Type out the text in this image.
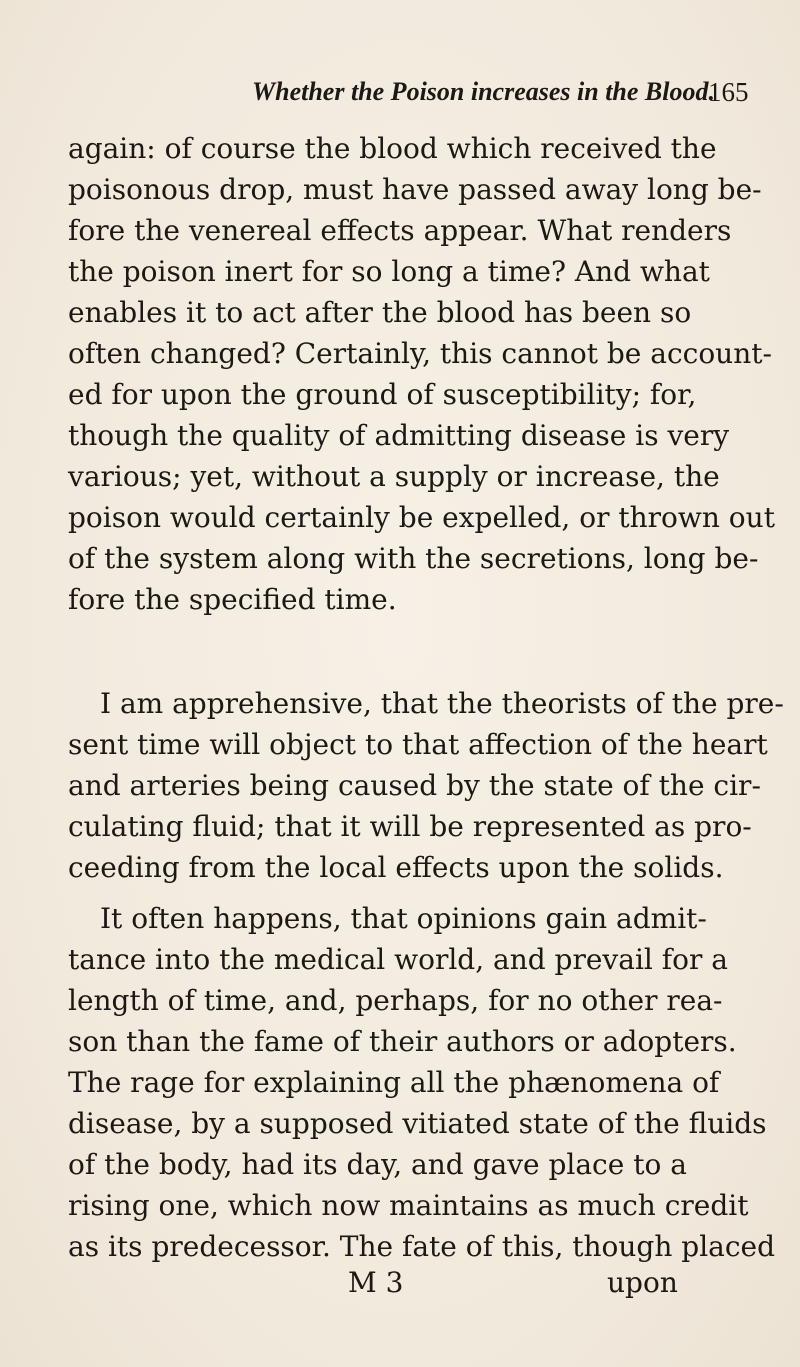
Whether the Poison increases in the Blood.
165
again: of course the blood which received the
poisonous drop, must have passed away long be-
fore the venereal effects appear. What renders
the poison inert for so long a time? And what
enables it to act after the blood has been so
often changed? Certainly, this cannot be account-
ed for upon the ground of susceptibility; for,
though the quality of admitting disease is very
various; yet, without a supply or increase, the
poison would certainly be expelled, or thrown out
of the system along with the secretions, long be-
fore the specified time.
I am apprehensive, that the theorists of the pre-
sent time will object to that affection of the heart
and arteries being caused by the state of the cir-
culating fluid; that it will be represented as pro-
ceeding from the local effects upon the solids.
It often happens, that opinions gain admit-
tance into the medical world, and prevail for a
length of time, and, perhaps, for no other rea-
son than the fame of their authors or adopters.
The rage for explaining all the phænomena of
disease, by a supposed vitiated state of the fluids
of the body, had its day, and gave place to a
rising one, which now maintains as much credit
as its predecessor. The fate of this, though placed
M 3	upon
